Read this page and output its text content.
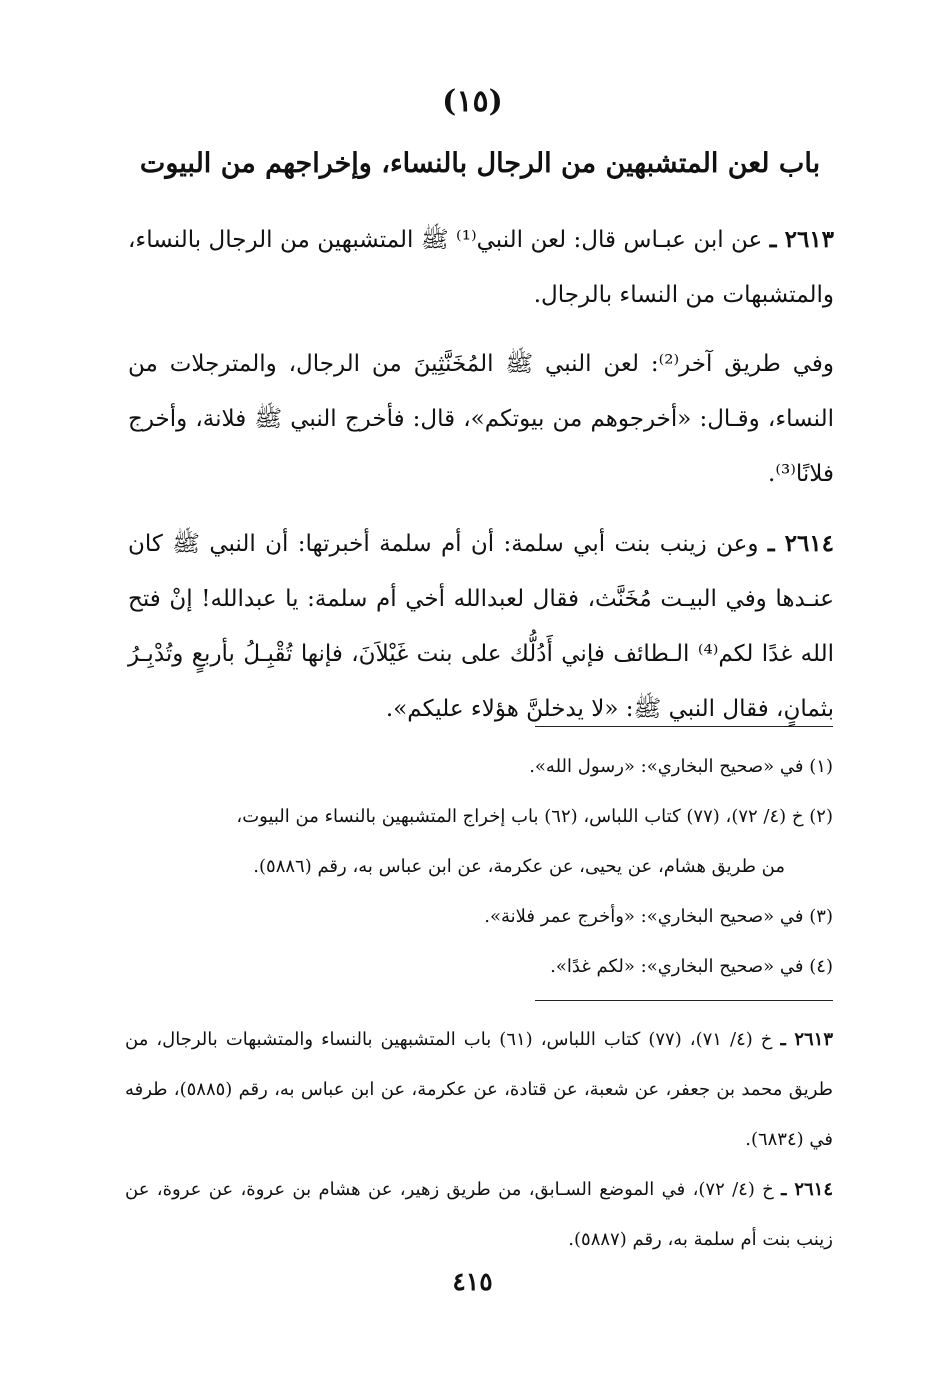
(١٥)
باب لعن المتشبهين من الرجال بالنساء، وإخراجهم من البيوت

٢٦١٣ ـ عن ابن عبـاس قال: لعن النبي⁽¹⁾ ﷺ المتشبهين من الرجال بالنساء، والمتشبهات من النساء بالرجال.

وفي طريق آخر⁽²⁾: لعن النبي ﷺ المُخَنَّثِينَ من الرجال، والمترجلات من النساء، وقـال: «أخرجوهم من بيوتكم»، قال: فأخرج النبي ﷺ فلانة، وأخرج فلانًا⁽³⁾.

٢٦١٤ ـ وعن زينب بنت أبي سلمة: أن أم سلمة أخبرتها: أن النبي ﷺ كان عنـدها وفي البيـت مُخَنَّث، فقال لعبدالله أخي أم سلمة: يا عبدالله! إنْ فتح الله غدًا لكم⁽⁴⁾ الـطائف فإني أَدُلُّك على بنت غَيْلاَنَ، فإنها تُقْبِـلُ بأربعٍ وتُدْبِـرُ بثمانٍ، فقال النبي ﷺ: «لا يدخلنَّ هؤلاء عليكم».

(١) في «صحيح البخاري»: «رسول الله».

(٢) خ (٤/ ٧٢)، (٧٧) كتاب اللباس، (٦٢) باب إخراج المتشبهين بالنساء من البيوت،
من طريق هشام، عن يحيى، عن عكرمة، عن ابن عباس به، رقم (٥٨٨٦).

(٣) في «صحيح البخاري»: «وأخرج عمر فلانة».

(٤) في «صحيح البخاري»: «لكم غدًا».

٢٦١٣ ـ خ (٤/ ٧١)، (٧٧) كتاب اللباس، (٦١) باب المتشبهين بالنساء والمتشبهات بالرجال، من طريق محمد بن جعفر، عن شعبة، عن قتادة، عن عكرمة، عن ابن عباس به، رقم (٥٨٨٥)، طرفه في (٦٨٣٤).

٢٦١٤ ـ خ (٤/ ٧٢)، في الموضع السـابق، من طريق زهير، عن هشام بن عروة، عن عروة، عن زينب بنت أم سلمة به، رقم (٥٨٨٧).

٤١٥
